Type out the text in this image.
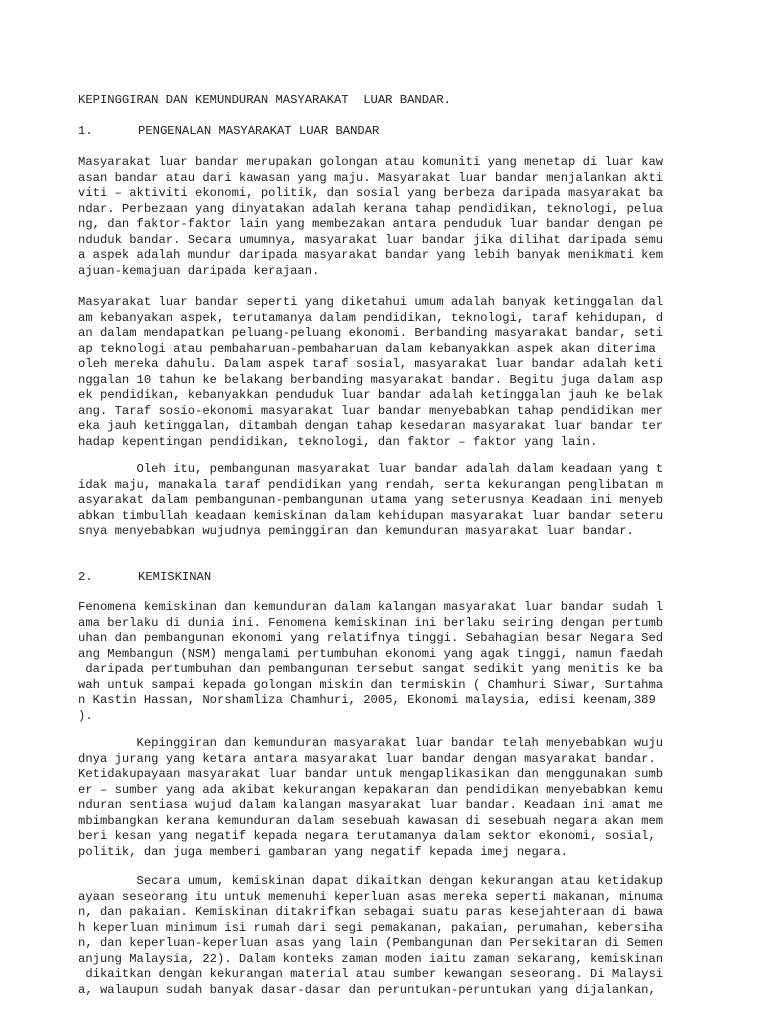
KEPINGGIRAN DAN KEMUNDURAN MASYARAKAT  LUAR BANDAR.
1.	PENGENALAN MASYARAKAT LUAR BANDAR
Masyarakat luar bandar merupakan golongan atau komuniti yang menetap di luar kaw
asan bandar atau dari kawasan yang maju. Masyarakat luar bandar menjalankan akti
viti – aktiviti ekonomi, politik, dan sosial yang berbeza daripada masyarakat ba
ndar. Perbezaan yang dinyatakan adalah kerana tahap pendidikan, teknologi, pelua
ng, dan faktor-faktor lain yang membezakan antara penduduk luar bandar dengan pe
nduduk bandar. Secara umumnya, masyarakat luar bandar jika dilihat daripada semu
a aspek adalah mundur daripada masyarakat bandar yang lebih banyak menikmati kem
ajuan-kemajuan daripada kerajaan.
Masyarakat luar bandar seperti yang diketahui umum adalah banyak ketinggalan dal
am kebanyakan aspek, terutamanya dalam pendidikan, teknologi, taraf kehidupan, d
an dalam mendapatkan peluang-peluang ekonomi. Berbanding masyarakat bandar, seti
ap teknologi atau pembaharuan-pembaharuan dalam kebanyakkan aspek akan diterima
oleh mereka dahulu. Dalam aspek taraf sosial, masyarakat luar bandar adalah keti
nggalan 10 tahun ke belakang berbanding masyarakat bandar. Begitu juga dalam asp
ek pendidikan, kebanyakkan penduduk luar bandar adalah ketinggalan jauh ke belak
ang. Taraf sosio-ekonomi masyarakat luar bandar menyebabkan tahap pendidikan mer
eka jauh ketinggalan, ditambah dengan tahap kesedaran masyarakat luar bandar ter
hadap kepentingan pendidikan, teknologi, dan faktor – faktor yang lain.
Oleh itu, pembangunan masyarakat luar bandar adalah dalam keadaan yang t
idak maju, manakala taraf pendidikan yang rendah, serta kekurangan penglibatan m
asyarakat dalam pembangunan-pembangunan utama yang seterusnya Keadaan ini menyeb
abkan timbullah keadaan kemiskinan dalam kehidupan masyarakat luar bandar seteru
snya menyebabkan wujudnya peminggiran dan kemunduran masyarakat luar bandar.
2.	KEMISKINAN
Fenomena kemiskinan dan kemunduran dalam kalangan masyarakat luar bandar sudah l
ama berlaku di dunia ini. Fenomena kemiskinan ini berlaku seiring dengan pertumb
uhan dan pembangunan ekonomi yang relatifnya tinggi. Sebahagian besar Negara Sed
ang Membangun (NSM) mengalami pertumbuhan ekonomi yang agak tinggi, namun faedah
daripada pertumbuhan dan pembangunan tersebut sangat sedikit yang menitis ke ba
wah untuk sampai kepada golongan miskin dan termiskin ( Chamhuri Siwar, Surtahma
n Kastin Hassan, Norshamliza Chamhuri, 2005, Ekonomi malaysia, edisi keenam,389
).
Kepinggiran dan kemunduran masyarakat luar bandar telah menyebabkan wuju
dnya jurang yang ketara antara masyarakat luar bandar dengan masyarakat bandar.
Ketidakupayaan masyarakat luar bandar untuk mengaplikasikan dan menggunakan sumb
er – sumber yang ada akibat kekurangan kepakaran dan pendidikan menyebabkan kemu
nduran sentiasa wujud dalam kalangan masyarakat luar bandar. Keadaan ini amat me
mbimbangkan kerana kemunduran dalam sesebuah kawasan di sesebuah negara akan mem
beri kesan yang negatif kepada negara terutamanya dalam sektor ekonomi, sosial,
politik, dan juga memberi gambaran yang negatif kepada imej negara.
Secara umum, kemiskinan dapat dikaitkan dengan kekurangan atau ketidakup
ayaan seseorang itu untuk memenuhi keperluan asas mereka seperti makanan, minuma
n, dan pakaian. Kemiskinan ditakrifkan sebagai suatu paras kesejahteraan di bawa
h keperluan minimum isi rumah dari segi pemakanan, pakaian, perumahan, kebersiha
n, dan keperluan-keperluan asas yang lain (Pembangunan dan Persekitaran di Semen
anjung Malaysia, 22). Dalam konteks zaman moden iaitu zaman sekarang, kemiskinan
dikaitkan dengan kekurangan material atau sumber kewangan seseorang. Di Malaysi
a, walaupun sudah banyak dasar-dasar dan peruntukan-peruntukan yang dijalankan,
